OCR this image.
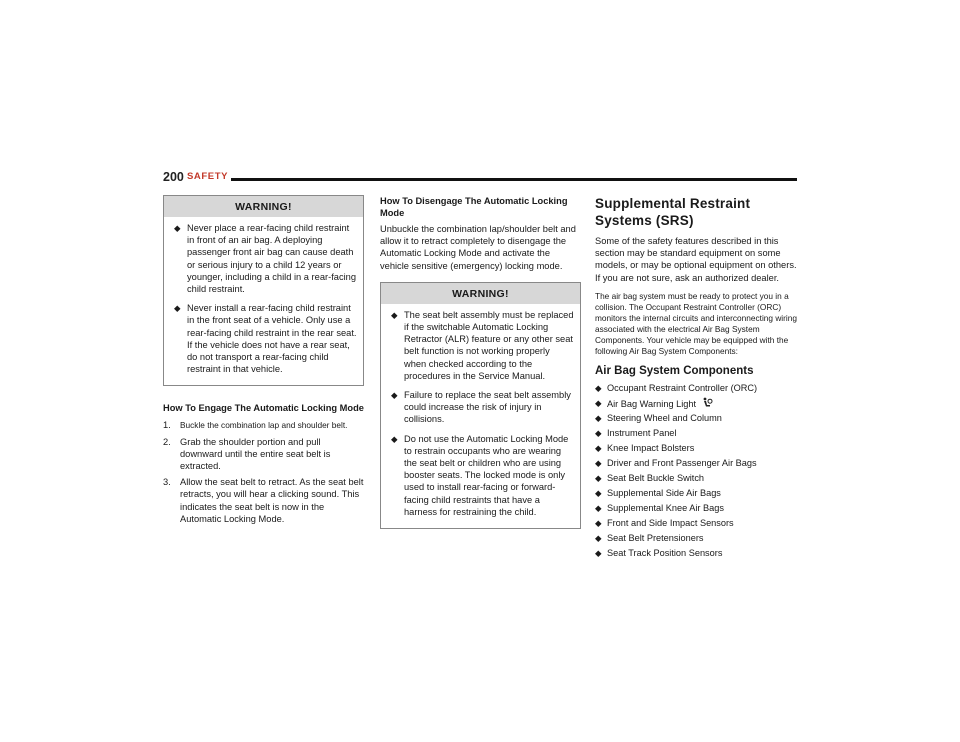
200 SAFETY
WARNING!
◆ Never place a rear-facing child restraint in front of an air bag. A deploying passenger front air bag can cause death or serious injury to a child 12 years or younger, including a child in a rear-facing child restraint.
◆ Never install a rear-facing child restraint in the front seat of a vehicle. Only use a rear-facing child restraint in the rear seat. If the vehicle does not have a rear seat, do not transport a rear-facing child restraint in that vehicle.
How To Engage The Automatic Locking Mode
1. Buckle the combination lap and shoulder belt.
2. Grab the shoulder portion and pull downward until the entire seat belt is extracted.
3. Allow the seat belt to retract. As the seat belt retracts, you will hear a clicking sound. This indicates the seat belt is now in the Automatic Locking Mode.
How To Disengage The Automatic Locking Mode

Unbuckle the combination lap/shoulder belt and allow it to retract completely to disengage the Automatic Locking Mode and activate the vehicle sensitive (emergency) locking mode.

WARNING!
◆ The seat belt assembly must be replaced if the switchable Automatic Locking Retractor (ALR) feature or any other seat belt function is not working properly when checked according to the procedures in the Service Manual.
◆ Failure to replace the seat belt assembly could increase the risk of injury in collisions.
◆ Do not use the Automatic Locking Mode to restrain occupants who are wearing the seat belt or children who are using booster seats. The locked mode is only used to install rear-facing or forward-facing child restraints that have a harness for restraining the child.
Supplemental Restraint
Systems (SRS)

Some of the safety features described in this section may be standard equipment on some models, or may be optional equipment on others. If you are not sure, ask an authorized dealer.

The air bag system must be ready to protect you in a collision. The Occupant Restraint Controller (ORC) monitors the internal circuits and interconnecting wiring associated with the electrical Air Bag System Components. Your vehicle may be equipped with the following Air Bag System Components:

Air Bag System Components
◆ Occupant Restraint Controller (ORC)
◆ Air Bag Warning Light
◆ Steering Wheel and Column
◆ Instrument Panel
◆ Knee Impact Bolsters
◆ Driver and Front Passenger Air Bags
◆ Seat Belt Buckle Switch
◆ Supplemental Side Air Bags
◆ Supplemental Knee Air Bags
◆ Front and Side Impact Sensors
◆ Seat Belt Pretensioners
◆ Seat Track Position Sensors
